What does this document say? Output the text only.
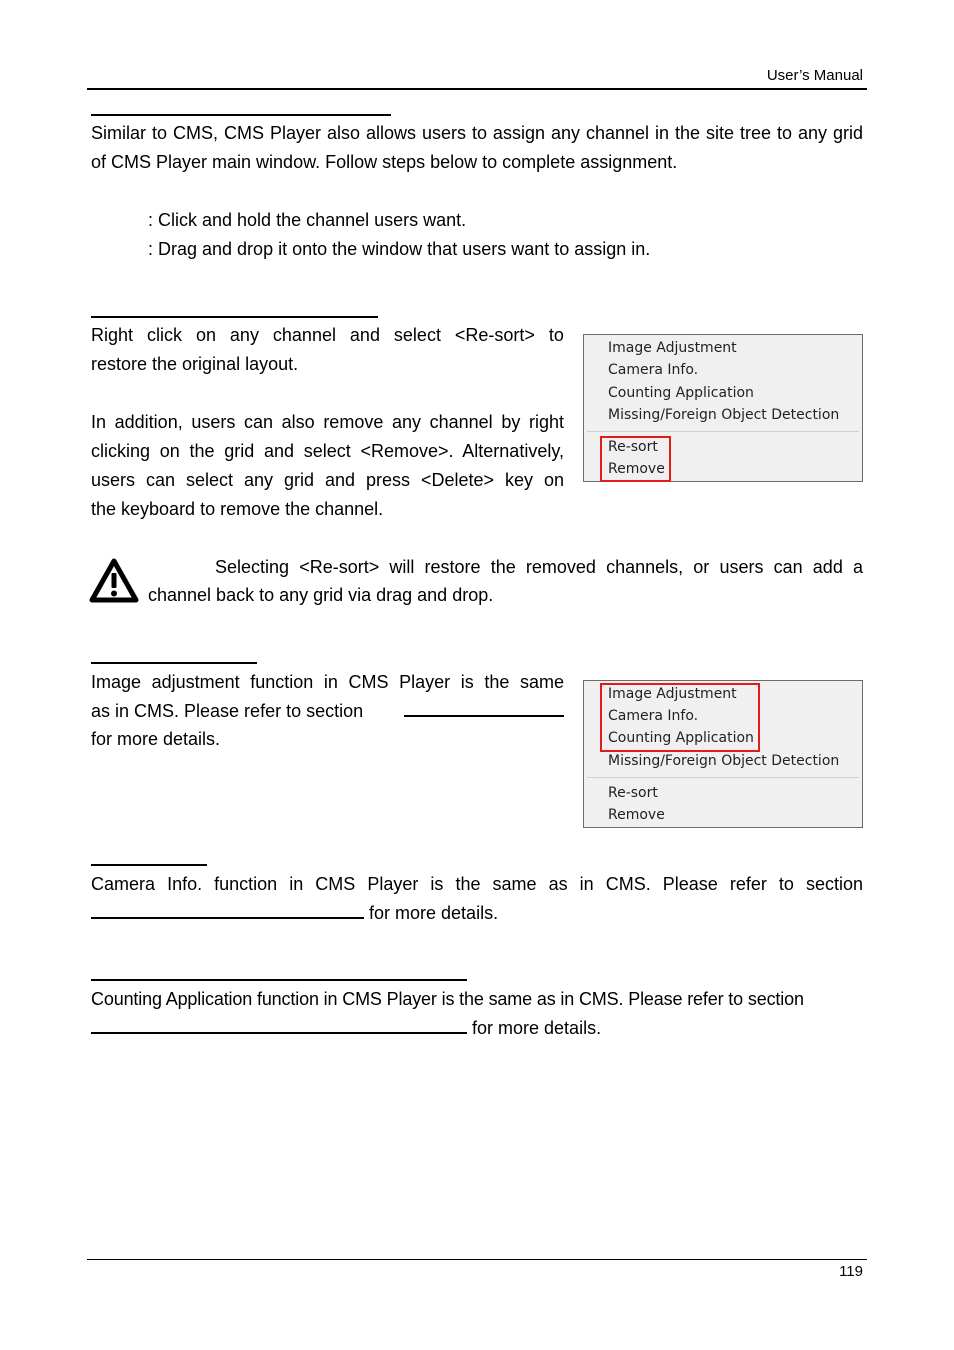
User’s Manual
Similar to CMS, CMS Player also allows users to assign any channel in the site tree to any grid of CMS Player main window. Follow steps below to complete assignment.
: Click and hold the channel users want.
: Drag and drop it onto the window that users want to assign in.
Right click on any channel and select <Re-sort> to
restore the original layout.
In addition, users can also remove any channel by right
clicking on the grid and select <Remove>. Alternatively,
users can select any grid and press <Delete> key on
the keyboard to remove the channel.
Image Adjustment
Camera Info.
Counting Application
Missing/Foreign Object Detection
Re-sort
Remove
Selecting <Re-sort> will restore the removed channels, or users can add a
channel back to any grid via drag and drop.
Image adjustment function in CMS Player is the same
as in CMS. Please refer to section
for more details.
Image Adjustment
Camera Info.
Counting Application
Missing/Foreign Object Detection
Re-sort
Remove
Camera Info. function in CMS Player is the same as in CMS. Please refer to section
for more details.
Counting Application function in CMS Player is the same as in CMS. Please refer to section
for more details.
119
